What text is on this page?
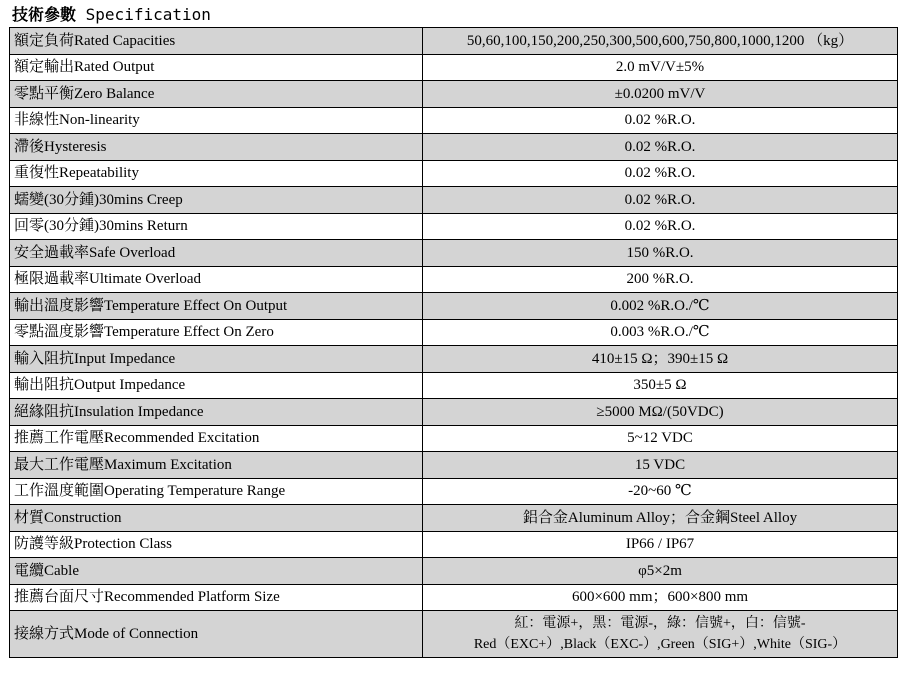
技術參數 Specification
額定負荷Rated Capacities	50,60,100,150,200,250,300,500,600,750,800,1000,1200 （kg）
額定輸出Rated Output	2.0 mV/V±5%
零點平衡Zero Balance	±0.0200 mV/V
非線性Non-linearity	0.02 %R.O.
滯後Hysteresis	0.02 %R.O.
重復性Repeatability	0.02 %R.O.
蠕變(30分鍾)30mins Creep	0.02 %R.O.
回零(30分鍾)30mins Return	0.02 %R.O.
安全過載率Safe Overload	150 %R.O.
極限過載率Ultimate Overload	200 %R.O.
輸出溫度影響Temperature Effect On Output	0.002 %R.O./℃
零點溫度影響Temperature Effect On Zero	0.003 %R.O./℃
輸入阻抗Input Impedance	410±15 Ω；390±15 Ω
輸出阻抗Output Impedance	350±5 Ω
絕緣阻抗Insulation Impedance	≥5000 MΩ/(50VDC)
推薦工作電壓Recommended Excitation	5~12 VDC
最大工作電壓Maximum Excitation	15 VDC
工作溫度範圍Operating Temperature Range	-20~60 ℃
材質Construction	鋁合金Aluminum Alloy；合金鋼Steel Alloy
防護等級Protection Class	IP66 / IP67
電纜Cable	φ5×2m
推薦台面尺寸Recommended Platform Size	600×600 mm；600×800 mm
接線方式Mode of Connection	紅：電源+，黑：電源-，綠：信號+，白：信號-
Red（EXC+）,Black（EXC-）,Green（SIG+）,White（SIG-）
